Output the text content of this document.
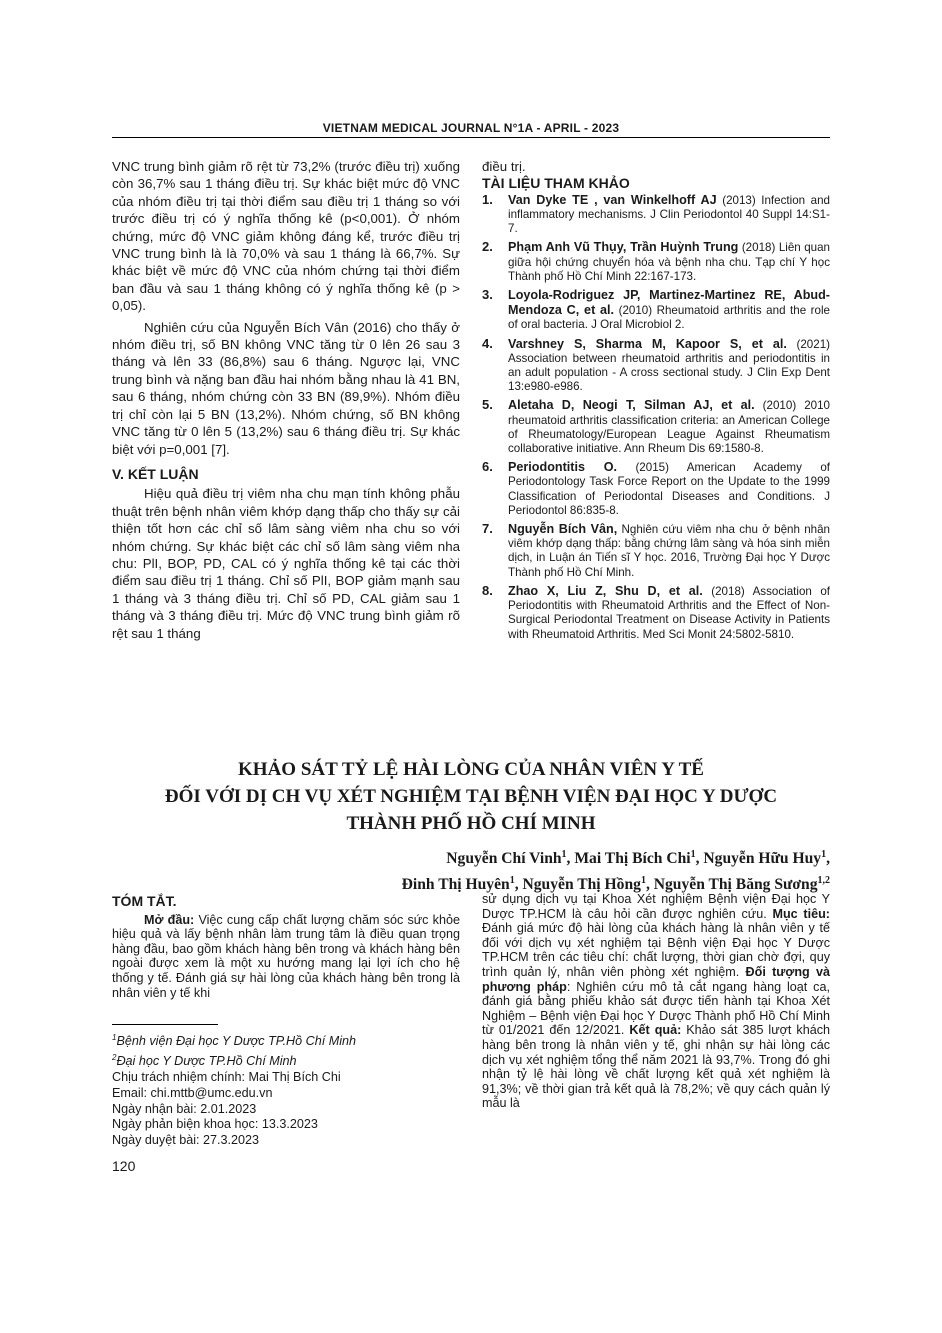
VIETNAM MEDICAL JOURNAL N°1A - APRIL - 2023

VNC trung bình giảm rõ rệt từ 73,2% (trước điều trị) xuống còn 36,7% sau 1 tháng điều trị. Sự khác biệt mức độ VNC của nhóm điều trị tại thời điểm sau điều trị 1 tháng so với trước điều trị có ý nghĩa thống kê (p<0,001). Ở nhóm chứng, mức độ VNC giảm không đáng kể, trước điều trị VNC trung bình là là 70,0% và sau 1 tháng là 66,7%. Sự khác biệt về mức độ VNC của nhóm chứng tại thời điểm ban đầu và sau 1 tháng không có ý nghĩa thống kê (p > 0,05).

Nghiên cứu của Nguyễn Bích Vân (2016) cho thấy ở nhóm điều trị, số BN không VNC tăng từ 0 lên 26 sau 3 tháng và lên 33 (86,8%) sau 6 tháng. Ngược lại, VNC trung bình và nặng ban đầu hai nhóm bằng nhau là 41 BN, sau 6 tháng, nhóm chứng còn 33 BN (89,9%). Nhóm điều trị chỉ còn lại 5 BN (13,2%). Nhóm chứng, số BN không VNC tăng từ 0 lên 5 (13,2%) sau 6 tháng điều trị. Sự khác biệt với p=0,001 [7].

V. KẾT LUẬN

Hiệu quả điều trị viêm nha chu mạn tính không phẫu thuật trên bệnh nhân viêm khớp dạng thấp cho thấy sự cải thiện tốt hơn các chỉ số lâm sàng viêm nha chu so với nhóm chứng. Sự khác biệt các chỉ số lâm sàng viêm nha chu: PlI, BOP, PD, CAL có ý nghĩa thống kê tại các thời điểm sau điều trị 1 tháng. Chỉ số PlI, BOP giảm mạnh sau 1 tháng và 3 tháng điều trị. Chỉ số PD, CAL giảm sau 1 tháng và 3 tháng điều trị. Mức độ VNC trung bình giảm rõ rệt sau 1 tháng

điều trị.

TÀI LIỆU THAM KHẢO

1.	Van Dyke TE , van Winkelhoff AJ (2013) Infection and inflammatory mechanisms. J Clin Periodontol 40 Suppl 14:S1-7.
2.	Phạm Anh Vũ Thụy, Trần Huỳnh Trung (2018) Liên quan giữa hội chứng chuyển hóa và bệnh nha chu. Tạp chí Y học Thành phố Hồ Chí Minh 22:167-173.
3.	Loyola-Rodriguez JP, Martinez-Martinez RE, Abud-Mendoza C, et al. (2010) Rheumatoid arthritis and the role of oral bacteria. J Oral Microbiol 2.
4.	Varshney S, Sharma M, Kapoor S, et al. (2021) Association between rheumatoid arthritis and periodontitis in an adult population - A cross sectional study. J Clin Exp Dent 13:e980-e986.
5.	Aletaha D, Neogi T, Silman AJ, et al. (2010) 2010 rheumatoid arthritis classification criteria: an American College of Rheumatology/European League Against Rheumatism collaborative initiative. Ann Rheum Dis 69:1580-8.
6.	Periodontitis O. (2015) American Academy of Periodontology Task Force Report on the Update to the 1999 Classification of Periodontal Diseases and Conditions. J Periodontol 86:835-8.
7.	Nguyễn Bích Vân, Nghiên cứu viêm nha chu ở bệnh nhân viêm khớp dạng thấp: bằng chứng lâm sàng và hóa sinh miễn dịch, in Luận án Tiến sĩ Y học. 2016, Trường Đại học Y Dược Thành phố Hồ Chí Minh.
8.	Zhao X, Liu Z, Shu D, et al. (2018) Association of Periodontitis with Rheumatoid Arthritis and the Effect of Non-Surgical Periodontal Treatment on Disease Activity in Patients with Rheumatoid Arthritis. Med Sci Monit 24:5802-5810.
KHẢO SÁT TỶ LỆ HÀI LÒNG CỦA NHÂN VIÊN Y TẾ
ĐỐI VỚI DỊ CH VỤ XÉT NGHIỆM TẠI BỆNH VIỆN ĐẠI HỌC Y DƯỢC
THÀNH PHỐ HỒ CHÍ MINH
Nguyễn Chí Vinh$^1$, Mai Thị Bích Chi$^1$, Nguyễn Hữu Huy$^1$,
Đinh Thị Huyên$^1$, Nguyễn Thị Hồng$^1$, Nguyễn Thị Băng Sương$^{1,2}$

TÓM TẮT.

Mở đầu: Việc cung cấp chất lượng chăm sóc sức khỏe hiệu quả và lấy bệnh nhân làm trung tâm là điều quan trọng hàng đầu, bao gồm khách hàng bên trong và khách hàng bên ngoài được xem là một xu hướng mang lại lợi ích cho hệ thống y tế. Đánh giá sự hài lòng của khách hàng bên trong là nhân viên y tế khi

sử dụng dịch vụ tại Khoa Xét nghiệm Bệnh viện Đại học Y Dược TP.HCM là câu hỏi cần được nghiên cứu. Mục tiêu: Đánh giá mức độ hài lòng của khách hàng là nhân viên y tế đối với dịch vụ xét nghiệm tại Bệnh viện Đại học Y Dược TP.HCM trên các tiêu chí: chất lượng, thời gian chờ đợi, quy trình quản lý, nhân viên phòng xét nghiệm. Đối tượng và phương pháp: Nghiên cứu mô tả cắt ngang hàng loạt ca, đánh giá bằng phiếu khảo sát được tiến hành tại Khoa Xét Nghiệm – Bệnh viện Đại học Y Dược Thành phố Hồ Chí Minh từ 01/2021 đến 12/2021. Kết quả: Khảo sát 385 lượt khách hàng bên trong là nhân viên y tế, ghi nhận sự hài lòng các dịch vụ xét nghiệm tổng thể năm 2021 là 93,7%. Trong đó ghi nhận tỷ lệ hài lòng về chất lượng kết quả xét nghiệm là 91,3%; về thời gian trả kết quả là 78,2%; về quy cách quản lý mẫu là

$^1$Bệnh viện Đại học Y Dược TP.Hồ Chí Minh
$^2$Đại học Y Dược TP.Hồ Chí Minh
Chịu trách nhiệm chính: Mai Thị Bích Chi
Email: chi.mttb@umc.edu.vn
Ngày nhận bài: 2.01.2023
Ngày phản biện khoa học: 13.3.2023
Ngày duyệt bài: 27.3.2023
120
